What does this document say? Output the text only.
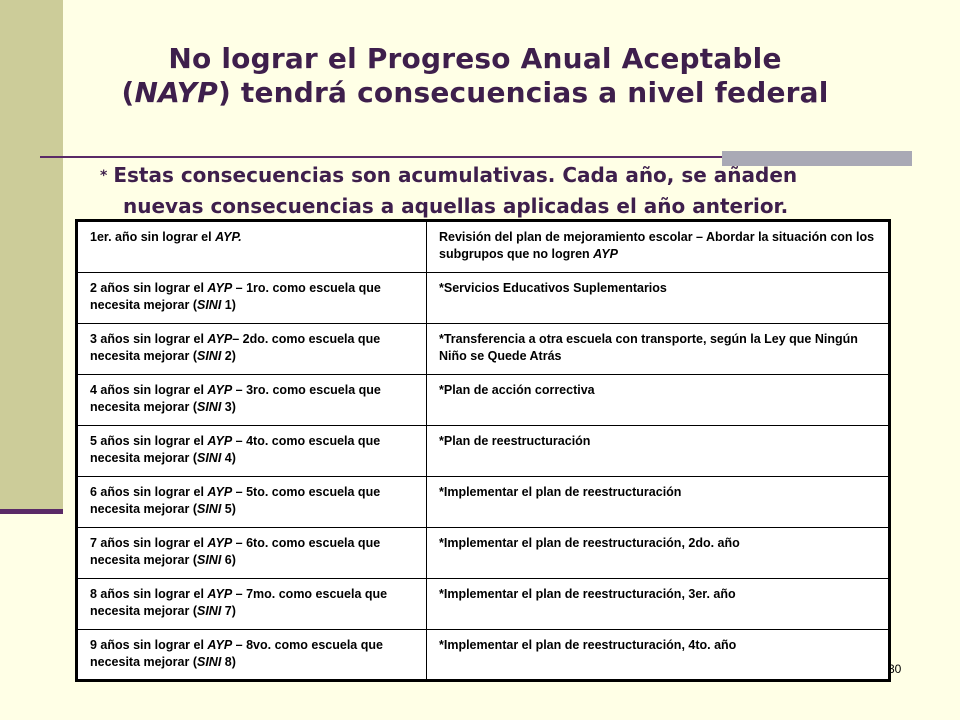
No lograr el Progreso Anual Aceptable
(NAYP) tendrá consecuencias a nivel federal
* Estas consecuencias son acumulativas. Cada año, se añaden
nuevas consecuencias a aquellas aplicadas el año anterior.
1er. año sin lograr el AYP.	Revisión del plan de mejoramiento escolar – Abordar la situación con los subgrupos que no logren AYP
2 años sin lograr el AYP – 1ro. como escuela que necesita mejorar (SINI 1)	*Servicios Educativos Suplementarios
3 años sin lograr el AYP– 2do. como escuela que necesita mejorar (SINI 2)	*Transferencia a otra escuela con transporte, según la Ley que Ningún Niño se Quede Atrás
4 años sin lograr el AYP – 3ro. como escuela que necesita mejorar (SINI 3)	*Plan de acción correctiva
5 años sin lograr el AYP – 4to. como escuela que necesita mejorar (SINI 4)	*Plan de reestructuración
6 años sin lograr el AYP – 5to. como escuela que necesita mejorar (SINI 5)	*Implementar el plan de reestructuración
7 años sin lograr el AYP – 6to. como escuela que necesita mejorar (SINI 6)	*Implementar el plan de reestructuración, 2do. año
8 años sin lograr el AYP – 7mo. como escuela que necesita mejorar (SINI 7)	*Implementar el plan de reestructuración, 3er. año
9 años sin lograr el AYP – 8vo. como escuela que necesita mejorar (SINI 8)	*Implementar el plan de reestructuración, 4to. año
30
